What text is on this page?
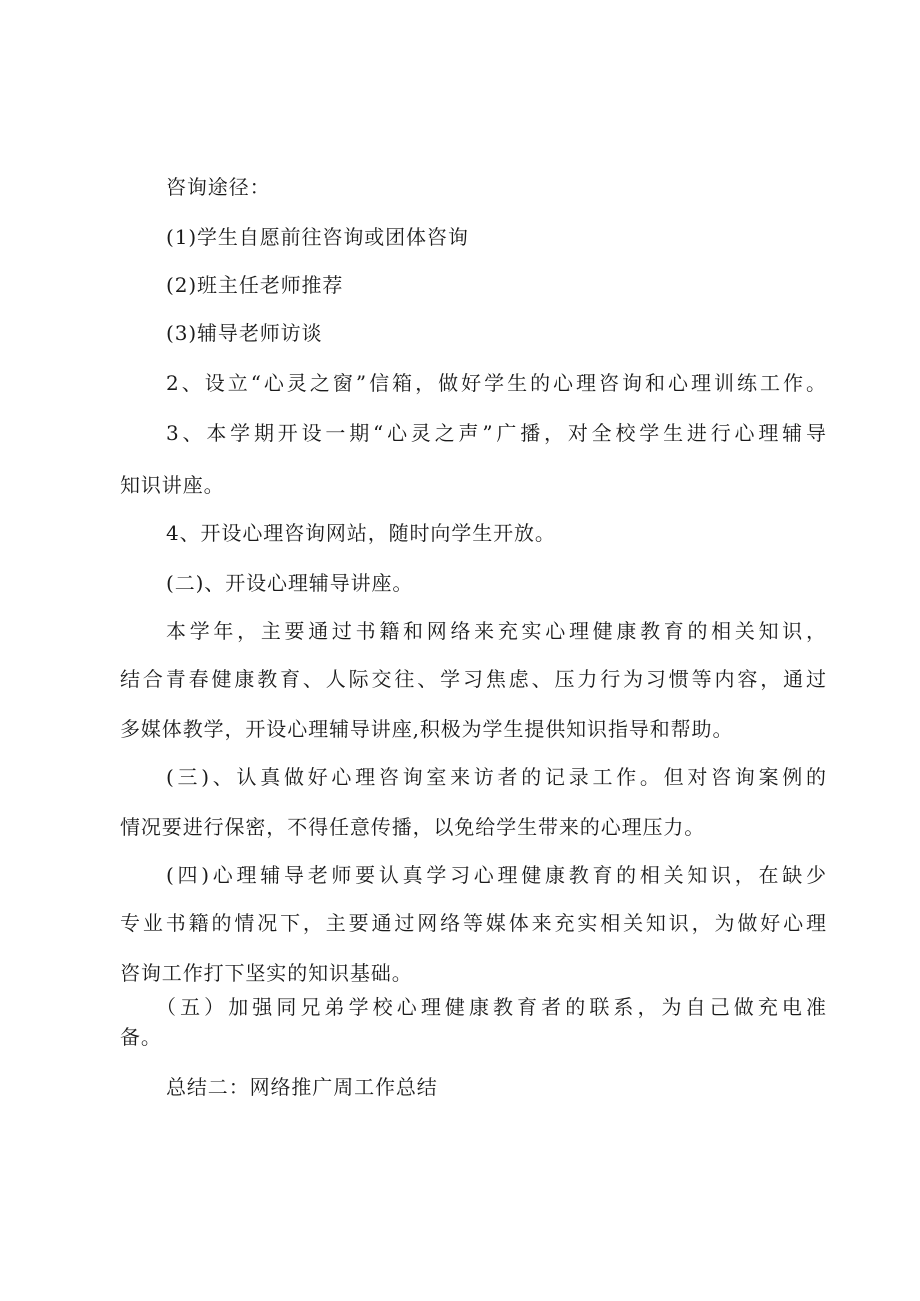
咨询途径：
(1)学生自愿前往咨询或团体咨询
(2)班主任老师推荐
(3)辅导老师访谈
2、设立“心灵之窗”信箱，做好学生的心理咨询和心理训练工作。
3、本学期开设一期“心灵之声”广播，对全校学生进行心理辅导
知识讲座。
4、开设心理咨询网站，随时向学生开放。
(二)、开设心理辅导讲座。
本学年，主要通过书籍和网络来充实心理健康教育的相关知识，
结合青春健康教育、人际交往、学习焦虑、压力行为习惯等内容，通过
多媒体教学，开设心理辅导讲座,积极为学生提供知识指导和帮助。
(三)、认真做好心理咨询室来访者的记录工作。但对咨询案例的
情况要进行保密，不得任意传播，以免给学生带来的心理压力。
(四)心理辅导老师要认真学习心理健康教育的相关知识，在缺少
专业书籍的情况下，主要通过网络等媒体来充实相关知识，为做好心理
咨询工作打下坚实的知识基础。
（五）加强同兄弟学校心理健康教育者的联系，为自己做充电准
备。
总结二：网络推广周工作总结
